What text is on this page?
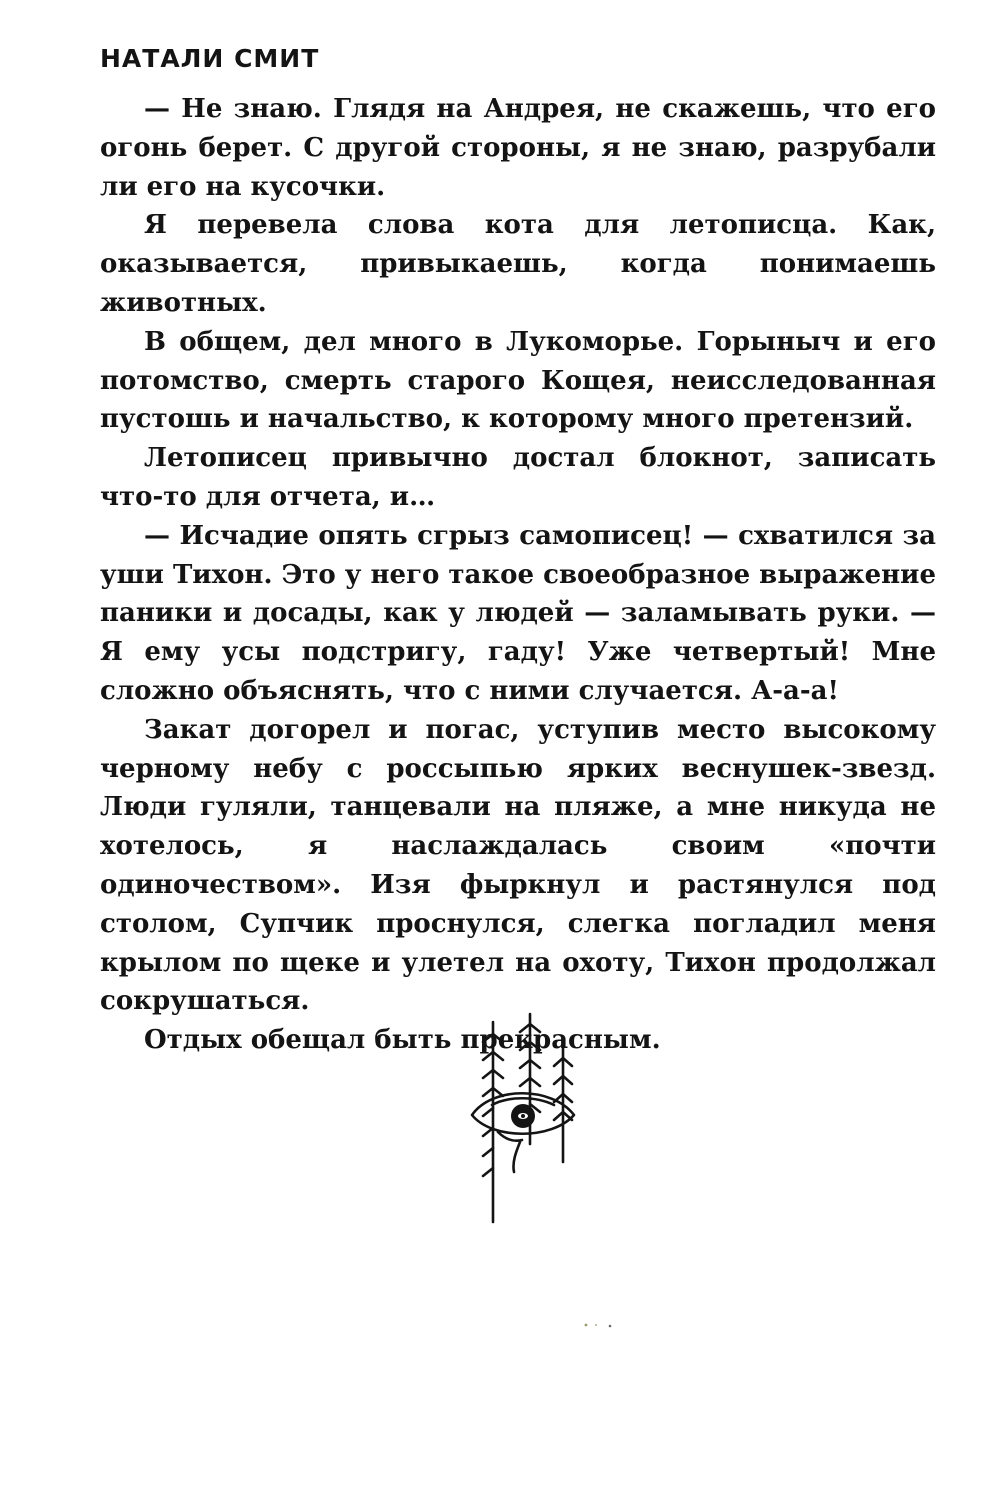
НАТАЛИ СМИТ

— Не знаю. Глядя на Андрея, не скажешь, что его огонь берет. С другой стороны, я не знаю, разрубали ли его на кусочки.

Я перевела слова кота для летописца. Как, оказывается, привыкаешь, когда понимаешь животных.

В общем, дел много в Лукоморье. Горыныч и его потомство, смерть старого Кощея, неисследованная пустошь и начальство, к которому много претензий.

Летописец привычно достал блокнот, записать что-то для отчета, и…

— Исчадие опять сгрыз самописец! — схватился за уши Тихон. Это у него такое своеобразное выражение паники и досады, как у людей — заламывать руки. — Я ему усы подстригу, гаду! Уже четвертый! Мне сложно объяснять, что с ними случается. А-а-а!

Закат догорел и погас, уступив место высокому черному небу с россыпью ярких веснушек-звезд. Люди гуляли, танцевали на пляже, а мне никуда не хотелось, я наслаждалась своим «почти одиночеством». Изя фыркнул и растянулся под столом, Супчик проснулся, слегка погладил меня крылом по щеке и улетел на охоту, Тихон продолжал сокрушаться.

Отдых обещал быть прекрасным.
